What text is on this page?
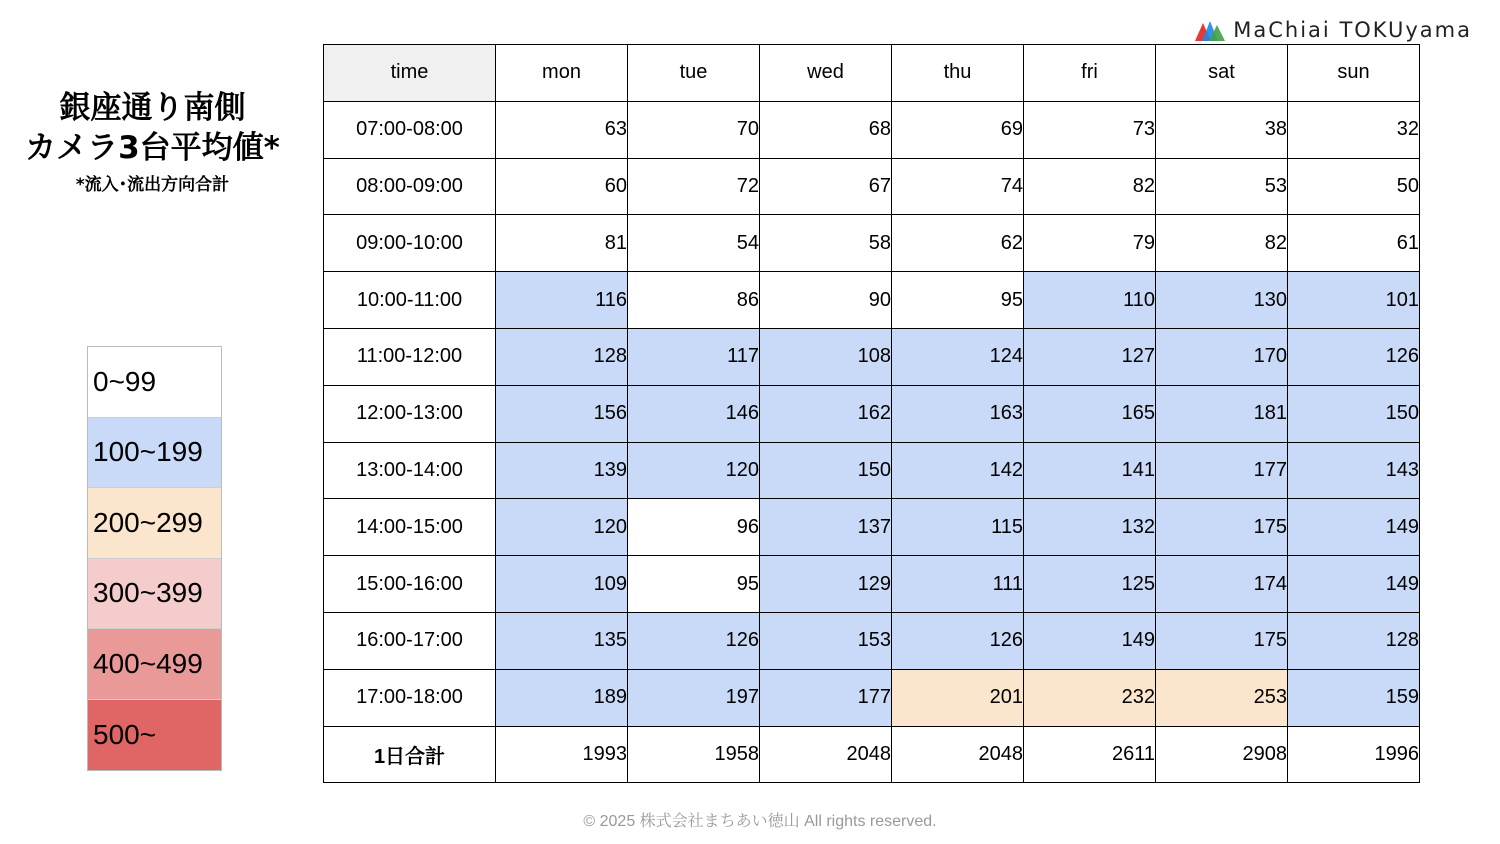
MaChiai TOKUyama
銀座通り南側
カメラ3台平均値*
*流入･流出方向合計
0~99
100~199
200~299
300~399
400~499
500~
time	mon	tue	wed	thu	fri	sat	sun
07:00-08:00	63	70	68	69	73	38	32
08:00-09:00	60	72	67	74	82	53	50
09:00-10:00	81	54	58	62	79	82	61
10:00-11:00	116	86	90	95	110	130	101
11:00-12:00	128	117	108	124	127	170	126
12:00-13:00	156	146	162	163	165	181	150
13:00-14:00	139	120	150	142	141	177	143
14:00-15:00	120	96	137	115	132	175	149
15:00-16:00	109	95	129	111	125	174	149
16:00-17:00	135	126	153	126	149	175	128
17:00-18:00	189	197	177	201	232	253	159
1日合計	1993	1958	2048	2048	2611	2908	1996
© 2025 株式会社まちあい徳山 All rights reserved.
